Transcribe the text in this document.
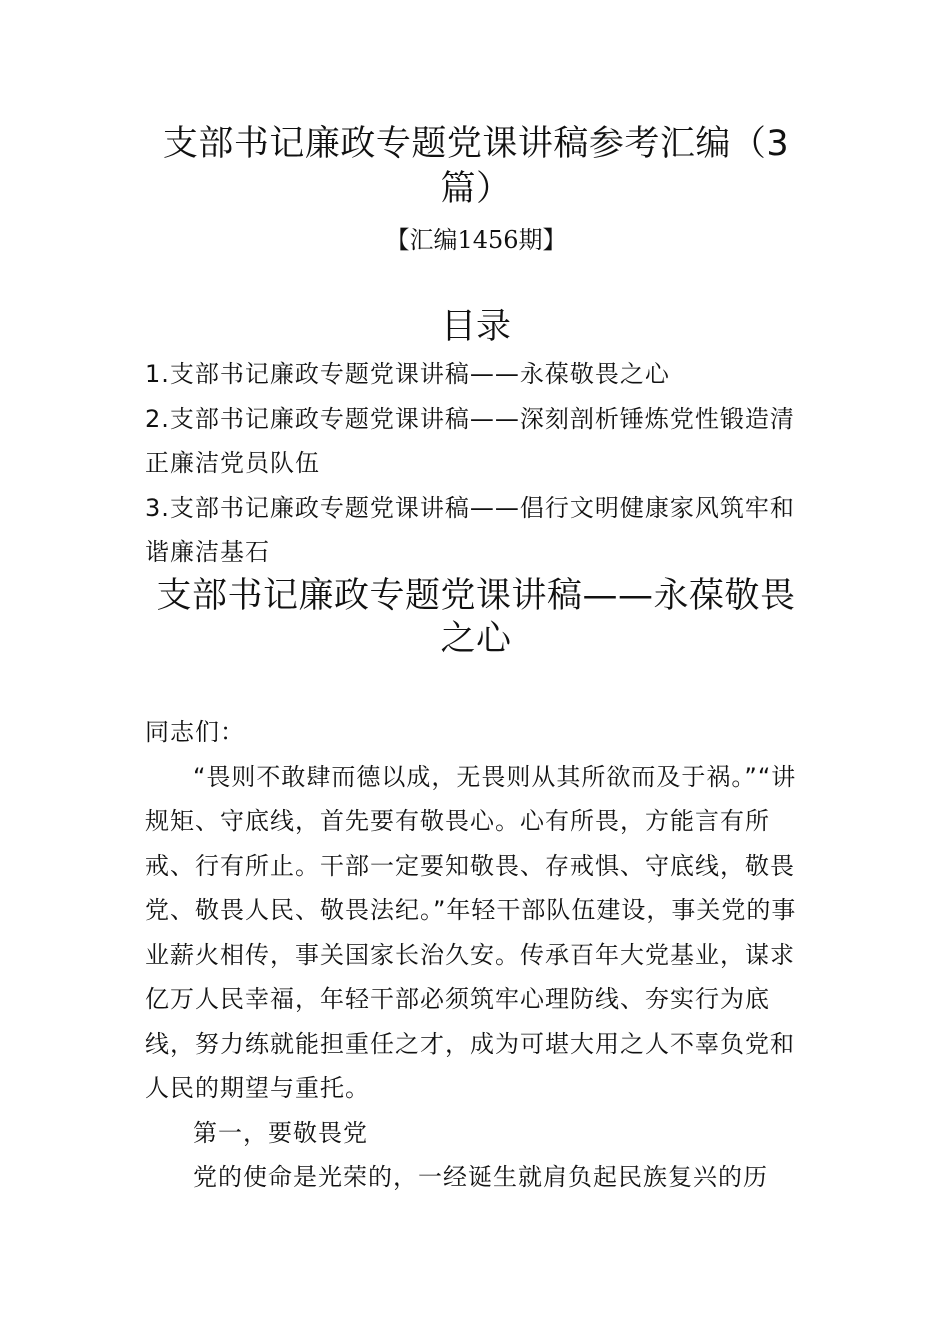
支部书记廉政专题党课讲稿参考汇编（3篇）
【汇编1456期】
目录
1.支部书记廉政专题党课讲稿——永葆敬畏之心
2.支部书记廉政专题党课讲稿——深刻剖析锤炼党性锻造清正廉洁党员队伍
3.支部书记廉政专题党课讲稿——倡行文明健康家风筑牢和谐廉洁基石
支部书记廉政专题党课讲稿——永葆敬畏之心

同志们：

“畏则不敢肆而德以成，无畏则从其所欲而及于祸。”“讲规矩、守底线，首先要有敬畏心。心有所畏，方能言有所戒、行有所止。干部一定要知敬畏、存戒惧、守底线，敬畏党、敬畏人民、敬畏法纪。”年轻干部队伍建设，事关党的事业薪火相传，事关国家长治久安。传承百年大党基业，谋求亿万人民幸福，年轻干部必须筑牢心理防线、夯实行为底线，努力练就能担重任之才，成为可堪大用之人不辜负党和人民的期望与重托。

第一，要敬畏党

党的使命是光荣的，一经诞生就肩负起民族复兴的历
